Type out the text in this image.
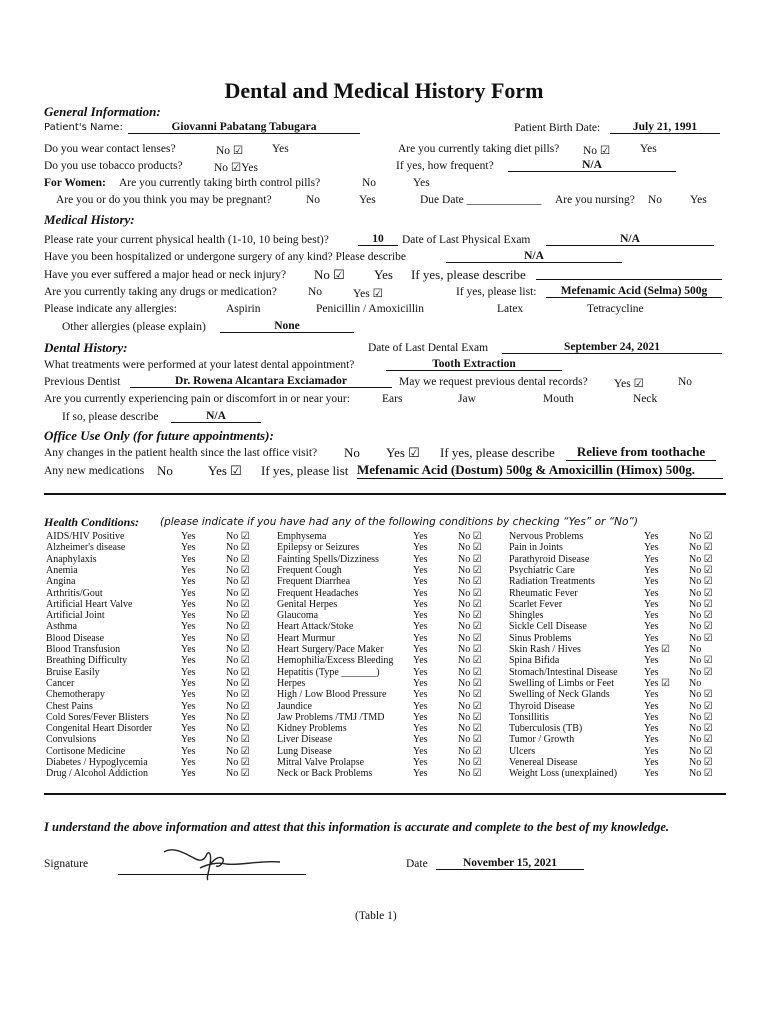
Dental and Medical History Form
General Information:
Patient's Name:	Giovanni Pabatang Tabugara	Patient Birth Date:	July 21, 1991
Do you wear contact lenses?	No ☑	Yes	Are you currently taking diet pills? No ☑	Yes
Do you use tobacco products?	No ☑Yes	If yes, how frequent?	N/A
For Women: Are you currently taking birth control pills?	No	Yes
Are you or do you think you may be pregnant?	No	Yes	Due Date _____________ Are you nursing? No Yes
Medical History:
Please rate your current physical health (1-10, 10 being best)?	10	Date of Last Physical Exam	N/A
Have you been hospitalized or undergone surgery of any kind? Please describe	N/A
Have you ever suffered a major head or neck injury? No ☑ Yes If yes, please describe
Are you currently taking any drugs or medication?	No	Yes ☑	If yes, please list:	Mefenamic Acid (Selma) 500g
Please indicate any allergies:	Aspirin	Penicillin / Amoxicillin	Latex	Tetracycline
Other allergies (please explain)	None
Dental History:	Date of Last Dental Exam	September 24, 2021
What treatments were performed at your latest dental appointment?	Tooth Extraction
Previous Dentist	Dr. Rowena Alcantara Exciamador	May we request previous dental records? Yes ☑	No
Are you currently experiencing pain or discomfort in or near your:	Ears	Jaw	Mouth	Neck
If so, please describe	N/A
Office Use Only (for future appointments):
Any changes in the patient health since the last office visit? No Yes ☑ If yes, please describe	Relieve from toothache
Any new medications No	Yes ☑ If yes, please list Mefenamic Acid (Dostum) 500g & Amoxicillin (Himox) 500g.
Health Conditions: (please indicate if you have had any of the following conditions by checking “Yes” or “No”)
AIDS/HIV Positive	Yes	No ☑
Alzheimer's disease	Yes	No ☑
Anaphylaxis	Yes	No ☑
Anemia	Yes	No ☑
Angina	Yes	No ☑
Arthritis/Gout	Yes	No ☑
Artificial Heart Valve	Yes	No ☑
Artificial Joint	Yes	No ☑
Asthma	Yes	No ☑
Blood Disease	Yes	No ☑
Blood Transfusion	Yes	No ☑
Breathing Difficulty	Yes	No ☑
Bruise Easily	Yes	No ☑
Cancer	Yes	No ☑
Chemotherapy	Yes	No ☑
Chest Pains	Yes	No ☑
Cold Sores/Fever Blisters	Yes	No ☑
Congenital Heart Disorder	Yes	No ☑
Convulsions	Yes	No ☑
Cortisone Medicine	Yes	No ☑
Diabetes / Hypoglycemia	Yes	No ☑
Drug / Alcohol Addiction	Yes	No ☑
Emphysema	Yes	No ☑
Epilepsy or Seizures	Yes	No ☑
Fainting Spells/Dizziness	Yes	No ☑
Frequent Cough	Yes	No ☑
Frequent Diarrhea	Yes	No ☑
Frequent Headaches	Yes	No ☑
Genital Herpes	Yes	No ☑
Glaucoma	Yes	No ☑
Heart Attack/Stoke	Yes	No ☑
Heart Murmur	Yes	No ☑
Heart Surgery/Pace Maker	Yes	No ☑
Hemophilia/Excess Bleeding Yes	No ☑
Hepatitis (Type _______)	Yes	No ☑
Herpes	Yes	No ☑
High / Low Blood Pressure	Yes	No ☑
Jaundice	Yes	No ☑
Jaw Problems /TMJ /TMD	Yes	No ☑
Kidney Problems	Yes	No ☑
Liver Disease	Yes	No ☑
Lung Disease	Yes	No ☑
Mitral Valve Prolapse	Yes	No ☑
Neck or Back Problems	Yes	No ☑
Nervous Problems	Yes	No ☑
Pain in Joints	Yes	No ☑
Parathyroid Disease	Yes	No ☑
Psychiatric Care	Yes	No ☑
Radiation Treatments	Yes	No ☑
Rheumatic Fever	Yes	No ☑
Scarlet Fever	Yes	No ☑
Shingles	Yes	No ☑
Sickle Cell Disease	Yes	No ☑
Sinus Problems	Yes	No ☑
Skin Rash / Hives	Yes ☑ No
Spina Bifida	Yes	No ☑
Stomach/Intestinal Disease	Yes	No ☑
Swelling of Limbs or Feet	Yes ☑ No
Swelling of Neck Glands	Yes	No ☑
Thyroid Disease	Yes	No ☑
Tonsillitis	Yes	No ☑
Tuberculosis (TB)	Yes	No ☑
Tumor / Growth	Yes	No ☑
Ulcers	Yes	No ☑
Venereal Disease	Yes	No ☑
Weight Loss (unexplained)	Yes	No ☑
I understand the above information and attest that this information is accurate and complete to the best of my knowledge.
Signature	Date	November 15, 2021
(Table 1)
